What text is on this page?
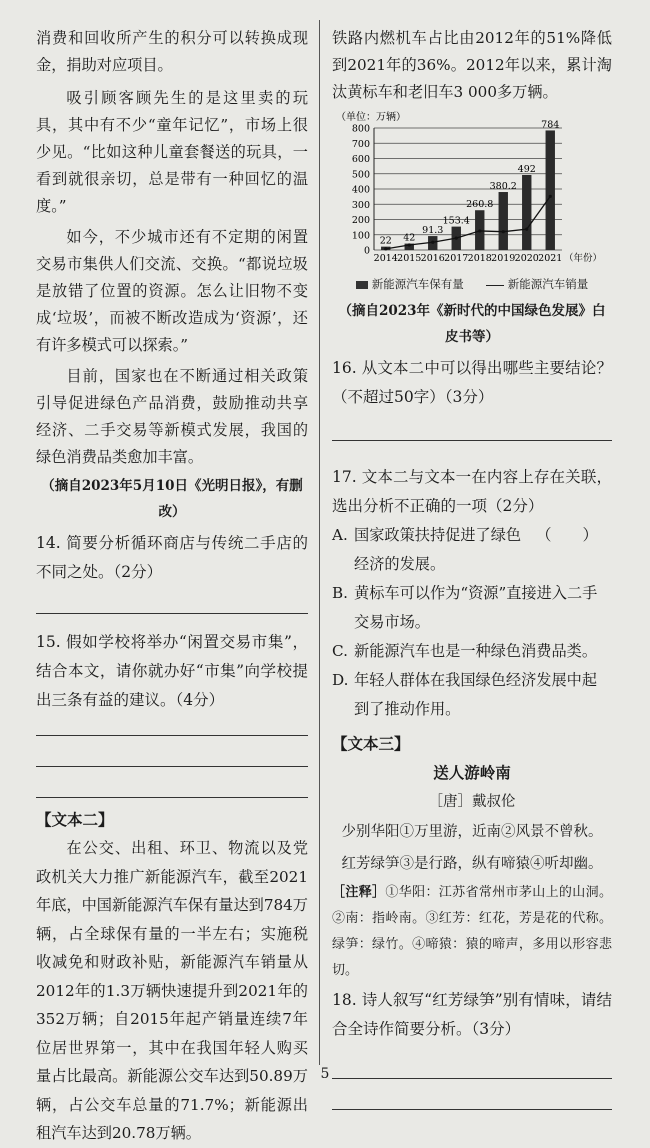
消费和回收所产生的积分可以转换成现金，捐助对应项目。

吸引顾客顾先生的是这里卖的玩具，其中有不少“童年记忆”，市场上很少见。“比如这种儿童套餐送的玩具，一看到就很亲切，总是带有一种回忆的温度。”

如今，不少城市还有不定期的闲置交易市集供人们交流、交换。“都说垃圾是放错了位置的资源。怎么让旧物不变成‘垃圾’，而被不断改造成为‘资源’，还有许多模式可以探索。”

目前，国家也在不断通过相关政策引导促进绿色产品消费，鼓励推动共享经济、二手交易等新模式发展，我国的绿色消费品类愈加丰富。

（摘自2023年5月10日《光明日报》，有删改）

14. 简要分析循环商店与传统二手店的不同之处。（2分）

15. 假如学校将举办“闲置交易市集”，结合本文，请你就办好“市集”向学校提出三条有益的建议。（4分）

【文本二】

在公交、出租、环卫、物流以及党政机关大力推广新能源汽车，截至2021年底，中国新能源汽车保有量达到784万辆，占全球保有量的一半左右；实施税收减免和财政补贴，新能源汽车销量从2012年的1.3万辆快速提升到2021年的352万辆；自2015年起产销量连续7年位居世界第一，其中在我国年轻人购买量占比最高。新能源公交车达到50.89万辆，占公交车总量的71.7%；新能源出租汽车达到20.78万辆。

铁路内燃机车占比由2012年的51%降低到2021年的36%。2012年以来，累计淘汰黄标车和老旧车3 000多万辆。

（单位：万辆）
0
100
200
300
400
500
600
700
800
22
2014
42
2015
91.3
2016
153.4
2017
260.8
2018
380.2
2019
492
2020
784
2021 （年份）
新能源汽车保有量	新能源汽车销量
（摘自2023年《新时代的中国绿色发展》白皮书等）

16. 从文本二中可以得出哪些主要结论？（不超过50字）（3分）

17. 文本二与文本一在内容上存在关联，选出分析不正确的一项（2分）
（　　）

A. 国家政策扶持促进了绿色经济的发展。
B. 黄标车可以作为“资源”直接进入二手交易市场。
C. 新能源汽车也是一种绿色消费品类。
D. 年轻人群体在我国绿色经济发展中起到了推动作用。
【文本三】
送人游岭南
［唐］戴叔伦
少别华阳①万里游，近南②风景不曾秋。
红芳绿笋③是行路，纵有啼猿④听却幽。

［注释］①华阳：江苏省常州市茅山上的山洞。②南：指岭南。③红芳：红花，芳是花的代称。绿笋：绿竹。④啼猿：猿的啼声，多用以形容悲切。

18. 诗人叙写“红芳绿笋”别有情味，请结合全诗作简要分析。（3分）

5
